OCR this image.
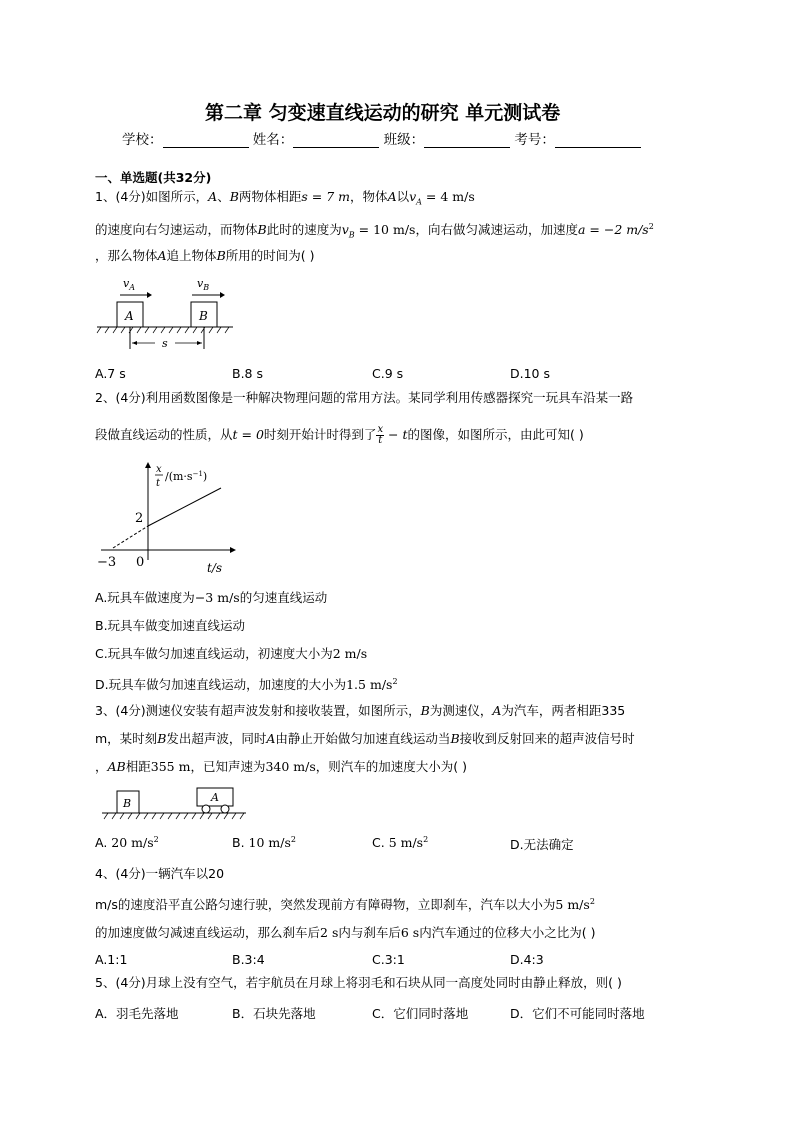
第二章 匀变速直线运动的研究 单元测试卷
学校：	姓名：	班级：	考号：
一、单选题(共32分)
1、(4分)如图所示，A、B两物体相距s = 7 m，物体A以$v_A = 4$ m/s
的速度向右匀速运动，而物体B此时的速度为$v_B = 10$ m/s，向右做匀减速运动，加速度a = −2 $m/s^2$
，那么物体A追上物体B所用的时间为( )
$v_A$	$v_B$
A	B
s
A.7 s	B.8 s	C.9 s	D.10 s
2、(4分)利用函数图像是一种解决物理问题的常用方法。某同学利用传感器探究一玩具车沿某一路
段做直线运动的性质，从t = 0时刻开始计时得到了 $\frac{x}{t} - t$的图像，如图所示，由此可知( )
x
t
$/(m\cdot s^{-1})$
2
−3 0	t/s
A.玩具车做速度为−3 m/s的匀速直线运动
B.玩具车做变加速直线运动
C.玩具车做匀加速直线运动，初速度大小为2 m/s
D.玩具车做匀加速直线运动，加速度的大小为1.5 $m/s^2$
3、(4分)测速仪安装有超声波发射和接收装置，如图所示，B为测速仪，A为汽车，两者相距335
m，某时刻B发出超声波，同时A由静止开始做匀加速直线运动当B接收到反射回来的超声波信号时
，AB相距355 m，已知声速为340 m/s，则汽车的加速度大小为( )
B	A
A. 20 $m/s^2$	B. 10 $m/s^2$	C. 5 $m/s^2$	D.无法确定
4、(4分)一辆汽车以20
m/s的速度沿平直公路匀速行驶，突然发现前方有障碍物，立即刹车，汽车以大小为5 $m/s^2$
的加速度做匀减速直线运动，那么刹车后2 s内与刹车后6 s内汽车通过的位移大小之比为( )
A.1:1	B.3:4	C.3:1	D.4:3
5、(4分)月球上没有空气，若宇航员在月球上将羽毛和石块从同一高度处同时由静止释放，则( )
A．羽毛先落地	B．石块先落地	C．它们同时落地	D．它们不可能同时落地
